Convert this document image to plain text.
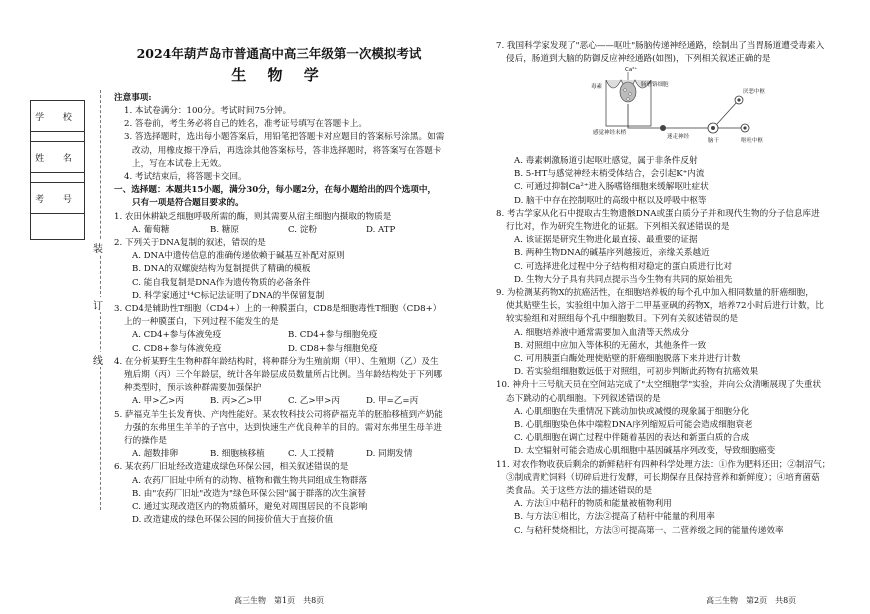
学 校

姓 名

考 号

装
订
线
2024年葫芦岛市普通高中高三年级第一次模拟考试
生 物 学
注意事项:
1. 本试卷满分：100分。考试时间75分钟。
2. 答卷前，考生务必将自己的姓名，准考证号填写在答题卡上。
3. 答选择题时，选出每小题答案后，用铅笔把答题卡对应题目的答案标号涂黑。如需
改动，用橡皮擦干净后，再选涂其他答案标号，答非选择题时，将答案写在答题卡
上，写在本试卷上无效。
4. 考试结束后，将答题卡交回。
一、选择题：本题共15小题，满分30分，每小题2分，在每小题给出的四个选项中，
只有一项是符合题目要求的。
1. 农田休耕缺乏细胞呼吸所需的酶，则其需要从宿主细胞内摄取的物质是
A. 葡萄糖	B. 糖原	C. 淀粉	D. ATP
2. 下列关于DNA复制的叙述，错误的是
A. DNA中遗传信息的准确传递依赖于碱基互补配对原则
B. DNA的双螺旋结构为复制提供了精确的模板
C. 能自我复制是DNA作为遗传物质的必备条件
D. 科学家通过¹⁴C标记法证明了DNA的半保留复制
3. CD4是辅助性T细胞（CD4+）上的一种膜蛋白，CD8是细胞毒性T细胞（CD8+）
上的一种膜蛋白，下列过程不能发生的是
A. CD4+参与体液免疫	B. CD4+参与细胞免疫
C. CD8+参与体液免疫	D. CD8+参与细胞免疫
4. 在分析某野生生物种群年龄结构时，将种群分为生殖前期（甲）、生殖期（乙）及生
殖后期（丙）三个年龄层，统计各年龄层成员数量所占比例。当年龄结构处于下列哪
种类型时，预示该种群需要加强保护
A. 甲>乙>丙	B. 丙>乙>甲	C. 乙>甲>丙	D. 甲=乙=丙
5. 萨福克羊生长发育快、产肉性能好。某农牧科技公司将萨福克羊的胚胎移植到产奶能
力强的东弗里生羊羊的子宫中，达到快速生产优良种羊的目的。需对东弗里生母羊进
行的操作是
A. 超数排卵	B. 细胞核移植	C. 人工授精	D. 同期发情
6. 某农药厂旧址经改造建成绿色环保公园，相关叙述错误的是
A. 农药厂旧址中所有的动物、植物和微生物共同组成生物群落
B. 由"农药厂旧址"改造为"绿色环保公园"属于群落的次生演替
C. 通过实现改造区内的物质循环，避免对周围居民的不良影响
D. 改造建成的绿色环保公园的间接价值大于直接价值
高三生物　第1页　共8页
7. 我国科学家发现了"恶心——呕吐"肠脑传递神经通路，绘制出了当胃肠道遭受毒素入
侵后，肠道到大脑的防御反应神经通路(如图)，下列相关叙述正确的是
Ca²⁺
毒素	肠嗜铬细胞
感觉神经末梢
迷走神经
脑干
厌恶中枢
呕吐中枢
A. 毒素刺激肠道引起呕吐感觉，属于非条件反射
B. 5-HT与感觉神经末梢受体结合，会引起K⁺内流
C. 可通过抑制Ca²⁺进入肠嗜铬细胞来缓解呕吐症状
D. 脑干中存在控制呕吐的高级中枢以及呼吸中枢等
8. 考古学家从化石中提取古生物遗骸DNA或蛋白质分子并和现代生物的分子信息库进
行比对，作为研究生物进化的证据。下列相关叙述错误的是
A. 该证据是研究生物进化最直接、最重要的证据
B. 两种生物DNA的碱基序列越接近，亲缘关系越近
C. 可选择进化过程中分子结构相对稳定的蛋白质进行比对
D. 生物大分子具有共同点提示当今生物有共同的原始祖先
9. 为检测某药物X的抗癌活性，在细胞培养板的每个孔中加入相同数量的肝癌细胞，
使其贴壁生长，实验组中加入溶于二甲基亚砜的药物X，培养72小时后进行计数，比
较实验组和对照组每个孔中细胞数目。下列有关叙述错误的是
A. 细胞培养液中通常需要加入血清等天然成分
B. 对照组中应加入等体积的无菌水，其他条件一致
C. 可用胰蛋白酶处理使贴壁的肝癌细胞脱落下来并进行计数
D. 若实验组细胞数远低于对照组，可初步判断此药物有抗癌效果
10. 神舟十三号航天员在空间站完成了"太空细胞学"实验，并向公众清晰展现了失重状
态下跳动的心肌细胞。下列叙述错误的是
A. 心肌细胞在失重情况下跳动加快或减慢的现象属于细胞分化
B. 心肌细胞染色体中端粒DNA序列缩短后可能会造成细胞衰老
C. 心肌细胞在调亡过程中伴随着基因的表达和新蛋白质的合成
D. 太空辐射可能会造成心肌细胞中基因碱基序列改变，导致细胞癌变
11. 对农作物收获后剩余的新鲜秸秆有四种科学处理方法：①作为肥料还田；②制沼气；
③制成青贮饲料（切碎后进行发酵，可长期保存且保持营养和新鲜度）；④培育菌菇
类食品。关于这些方法的描述错误的是
A. 方法①中秸秆的物质和能量被植物利用
B. 与方法①相比，方法②提高了秸秆中能量的利用率
C. 与秸秆焚烧相比，方法③可提高第一、二营养级之间的能量传递效率
高三生物　第2页　共8页
